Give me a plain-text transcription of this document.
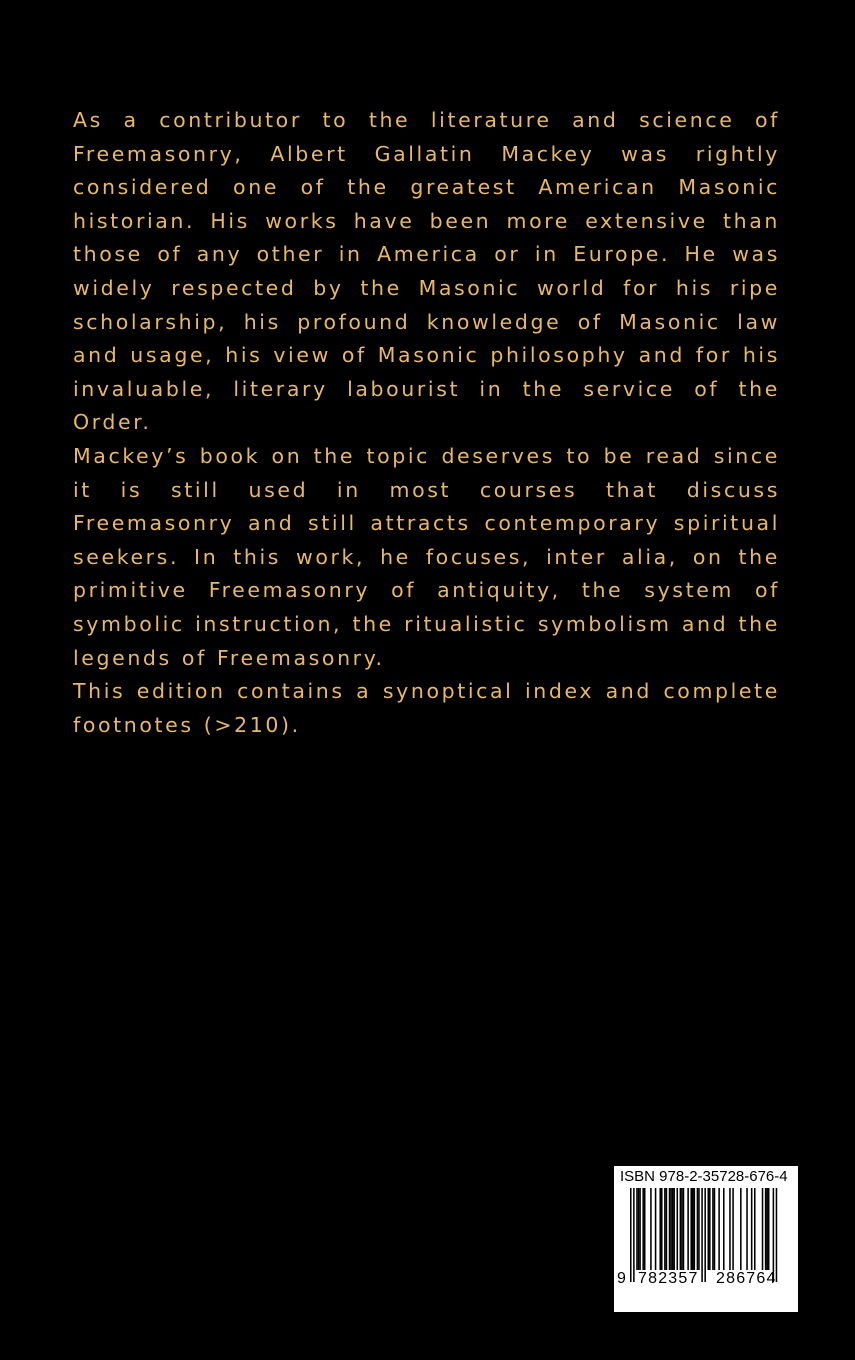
As a contributor to the literature and science of Freemasonry, Albert Gallatin Mackey was rightly considered one of the greatest American Masonic historian. His works have been more extensive than those of any other in America or in Europe. He was widely respected by the Masonic world for his ripe scholarship, his profound knowledge of Masonic law and usage, his view of Masonic philosophy and for his invaluable, literary labourist in the service of the Order.

Mackey’s book on the topic deserves to be read since it is still used in most courses that discuss Freemasonry and still attracts contemporary spiritual seekers. In this work, he focuses, inter alia, on the primitive Freemasonry of antiquity, the system of symbolic instruction, the ritualistic symbolism and the legends of Freemasonry.

This edition contains a synoptical index and complete footnotes (>210).

ISBN 978-2-35728-676-4
9 782357 286764
